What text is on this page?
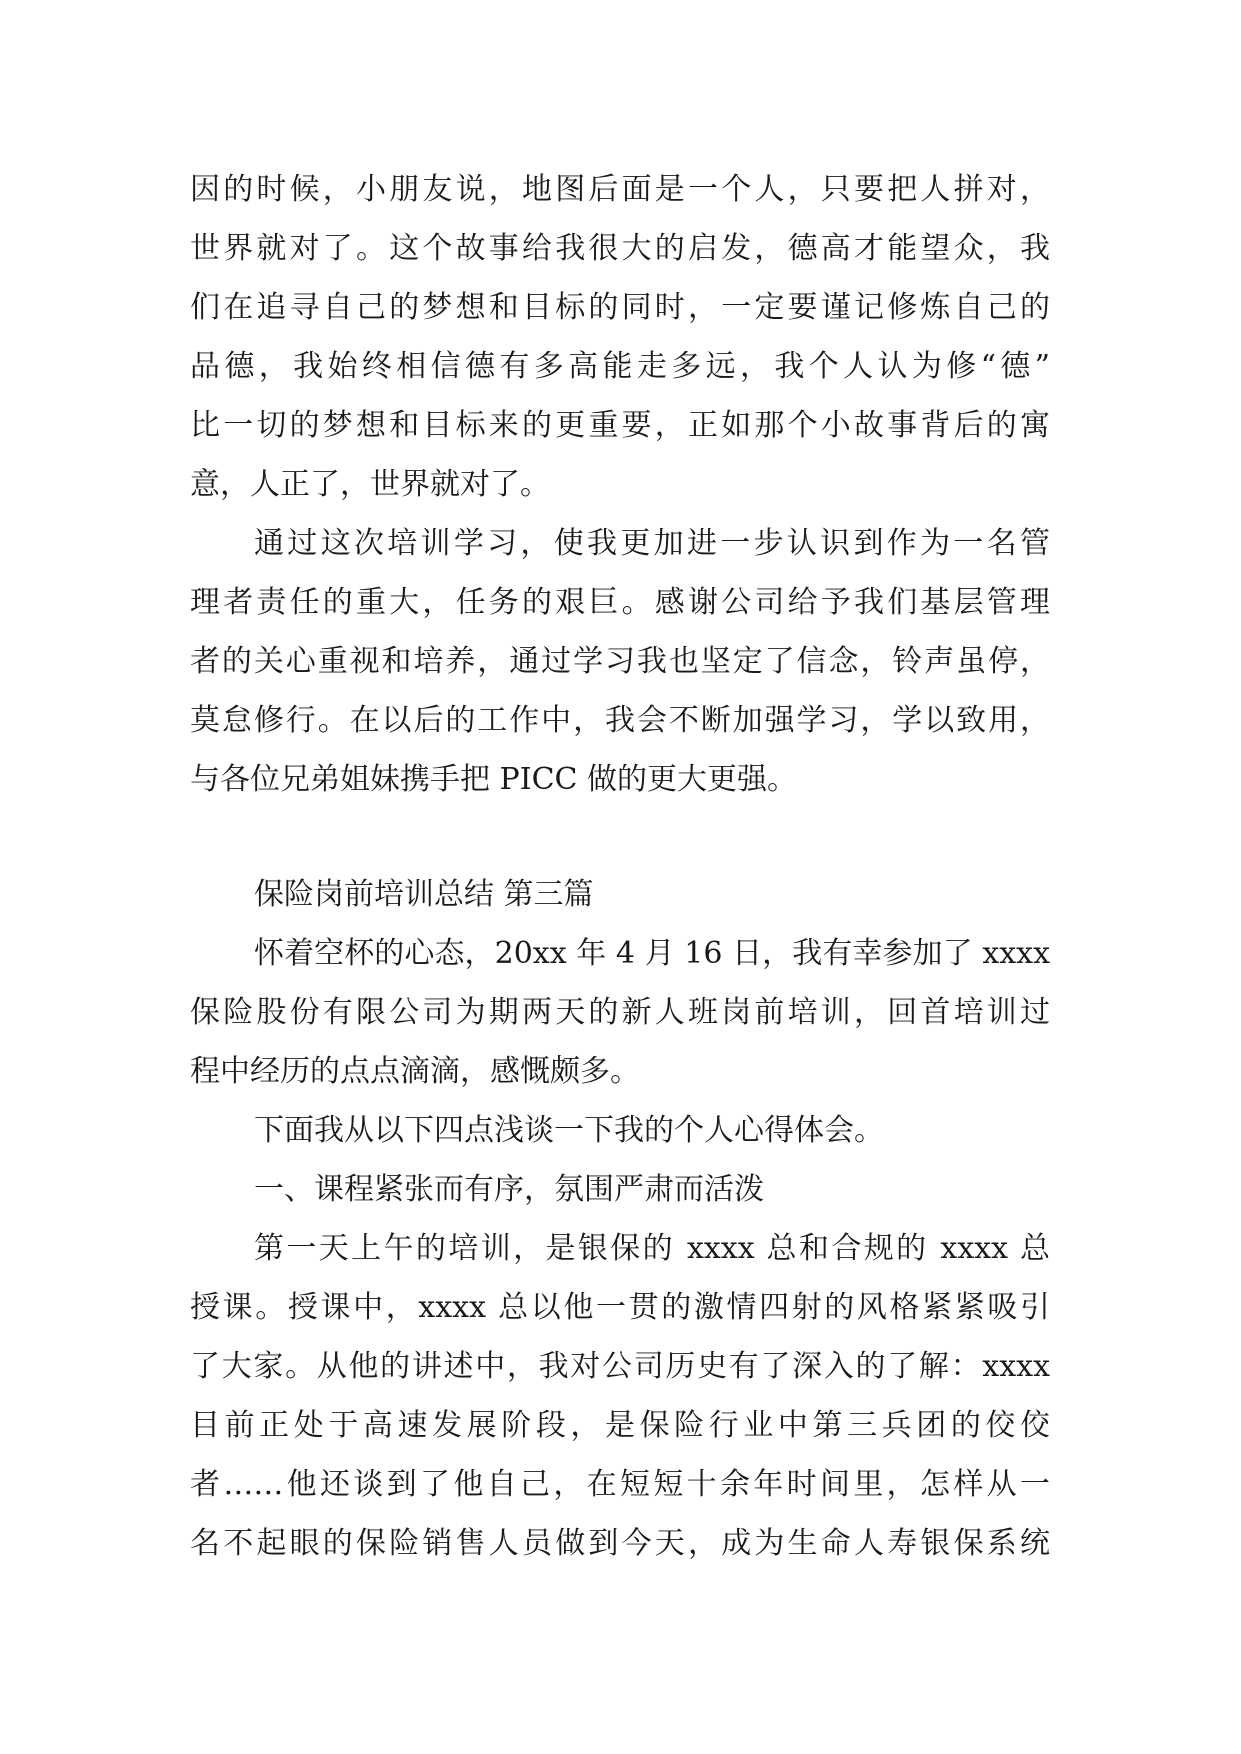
因的时候，小朋友说，地图后面是一个人，只要把人拼对，
世界就对了。这个故事给我很大的启发，德高才能望众，我
们在追寻自己的梦想和目标的同时，一定要谨记修炼自己的
品德，我始终相信德有多高能走多远，我个人认为修“德”
比一切的梦想和目标来的更重要，正如那个小故事背后的寓
意，人正了，世界就对了。
通过这次培训学习，使我更加进一步认识到作为一名管
理者责任的重大，任务的艰巨。感谢公司给予我们基层管理
者的关心重视和培养，通过学习我也坚定了信念，铃声虽停，
莫怠修行。在以后的工作中，我会不断加强学习，学以致用，
与各位兄弟姐妹携手把 PICC 做的更大更强。
保险岗前培训总结 第三篇
怀着空杯的心态，20xx 年 4 月 16 日，我有幸参加了 xxxx
保险股份有限公司为期两天的新人班岗前培训，回首培训过
程中经历的点点滴滴，感慨颇多。
下面我从以下四点浅谈一下我的个人心得体会。
一、课程紧张而有序，氛围严肃而活泼
第一天上午的培训，是银保的 xxxx 总和合规的 xxxx 总
授课。授课中，xxxx 总以他一贯的激情四射的风格紧紧吸引
了大家。从他的讲述中，我对公司历史有了深入的了解：xxxx
目前正处于高速发展阶段，是保险行业中第三兵团的佼佼
者……他还谈到了他自己，在短短十余年时间里，怎样从一
名不起眼的保险销售人员做到今天，成为生命人寿银保系统
